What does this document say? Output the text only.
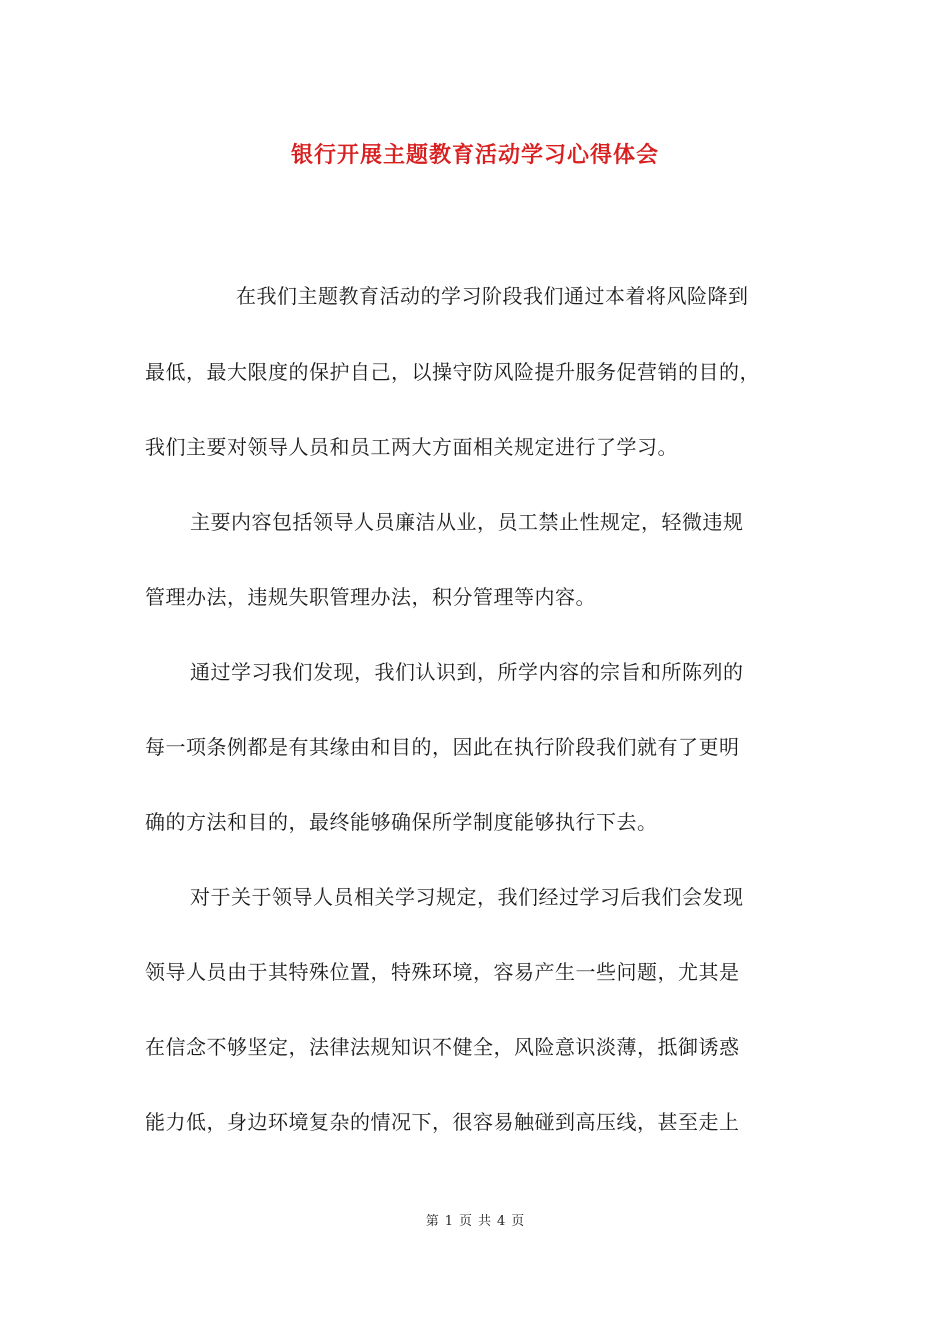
银行开展主题教育活动学习心得体会
在我们主题教育活动的学习阶段我们通过本着将风险降到
最低，最大限度的保护自己，以操守防风险提升服务促营销的目的，
我们主要对领导人员和员工两大方面相关规定进行了学习。
主要内容包括领导人员廉洁从业，员工禁止性规定，轻微违规
管理办法，违规失职管理办法，积分管理等内容。
通过学习我们发现，我们认识到，所学内容的宗旨和所陈列的
每一项条例都是有其缘由和目的，因此在执行阶段我们就有了更明
确的方法和目的，最终能够确保所学制度能够执行下去。
对于关于领导人员相关学习规定，我们经过学习后我们会发现
领导人员由于其特殊位置，特殊环境，容易产生一些问题，尤其是
在信念不够坚定，法律法规知识不健全，风险意识淡薄，抵御诱惑
能力低，身边环境复杂的情况下，很容易触碰到高压线，甚至走上
第 1 页 共 4 页
